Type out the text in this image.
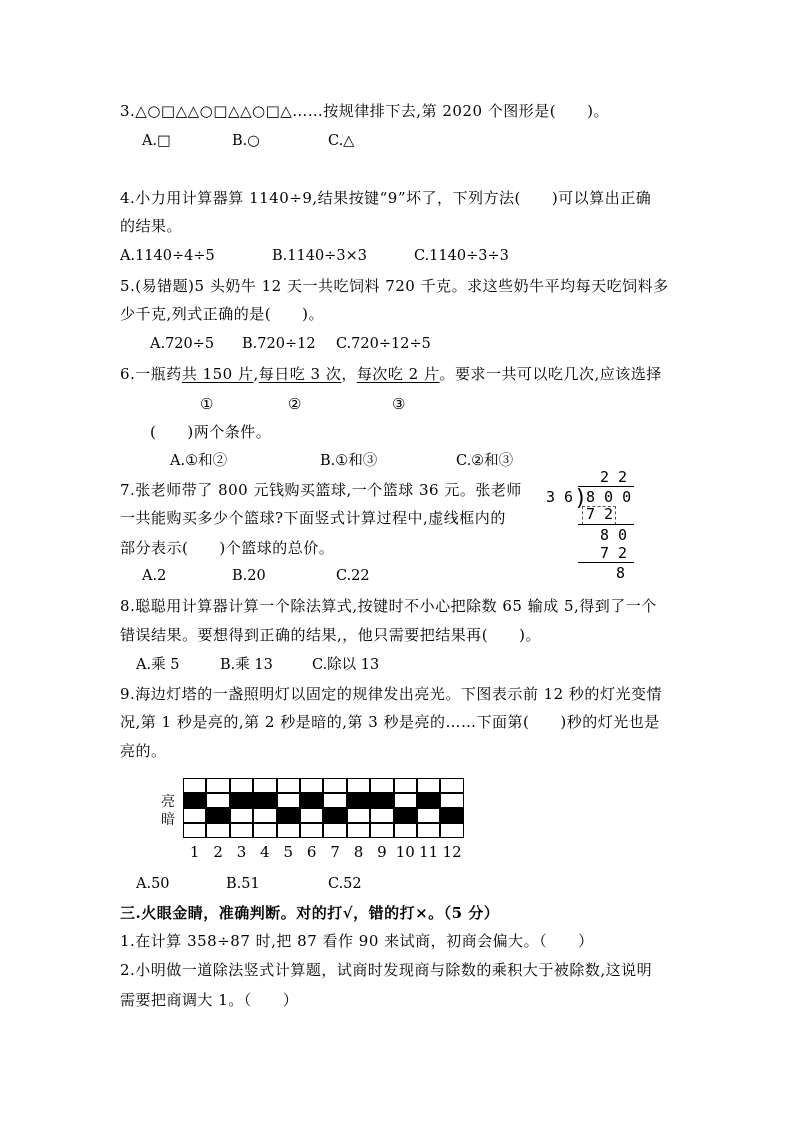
3.△○□△△○□△△○□△……按规律排下去,第 2020 个图形是(　　)。
A.□	B.○	C.△
4.小力用计算器算 1140÷9,结果按键“9”坏了，下列方法(　　)可以算出正确
的结果。
A.1140÷4÷5	B.1140÷3×3	C.1140÷3÷3
5.(易错题)5 头奶牛 12 天一共吃饲料 720 千克。求这些奶牛平均每天吃饲料多
少千克,列式正确的是(　　)。
A.720÷5 B.720÷12 C.720÷12÷5
6.一瓶药共 150 片,每日吃 3 次，每次吃 2 片。要求一共可以吃几次,应该选择
①	②	③
(　　)两个条件。
A.①和②	B.①和③	C.②和③
7.张老师带了 800 元钱购买篮球,一个篮球 36 元。张老师
一共能购买多少个篮球?下面竖式计算过程中,虚线框内的
部分表示(　　)个篮球的总价。
A.2	B.20	C.22
2 2
3 6 )
8 0 0
7 2
8 0
7 2
8
8.聪聪用计算器计算一个除法算式,按键时不小心把除数 65 输成 5,得到了一个
错误结果。要想得到正确的结果,，他只需要把结果再(　　)。
A.乘 5	B.乘 13	C.除以 13
9.海边灯塔的一盏照明灯以固定的规律发出亮光。下图表示前 12 秒的灯光变情
况,第 1 秒是亮的,第 2 秒是暗的,第 3 秒是亮的……下面第(　　)秒的灯光也是
亮的。
亮
暗
1 2 3 4 5 6 7 8 9 10 11 12
A.50	B.51	C.52
三.火眼金睛，准确判断。对的打√，错的打×。（5 分）
1.在计算 358÷87 时,把 87 看作 90 来试商，初商会偏大。（　　）
2.小明做一道除法竖式计算题，试商时发现商与除数的乘积大于被除数,这说明
需要把商调大 1。（　　）
